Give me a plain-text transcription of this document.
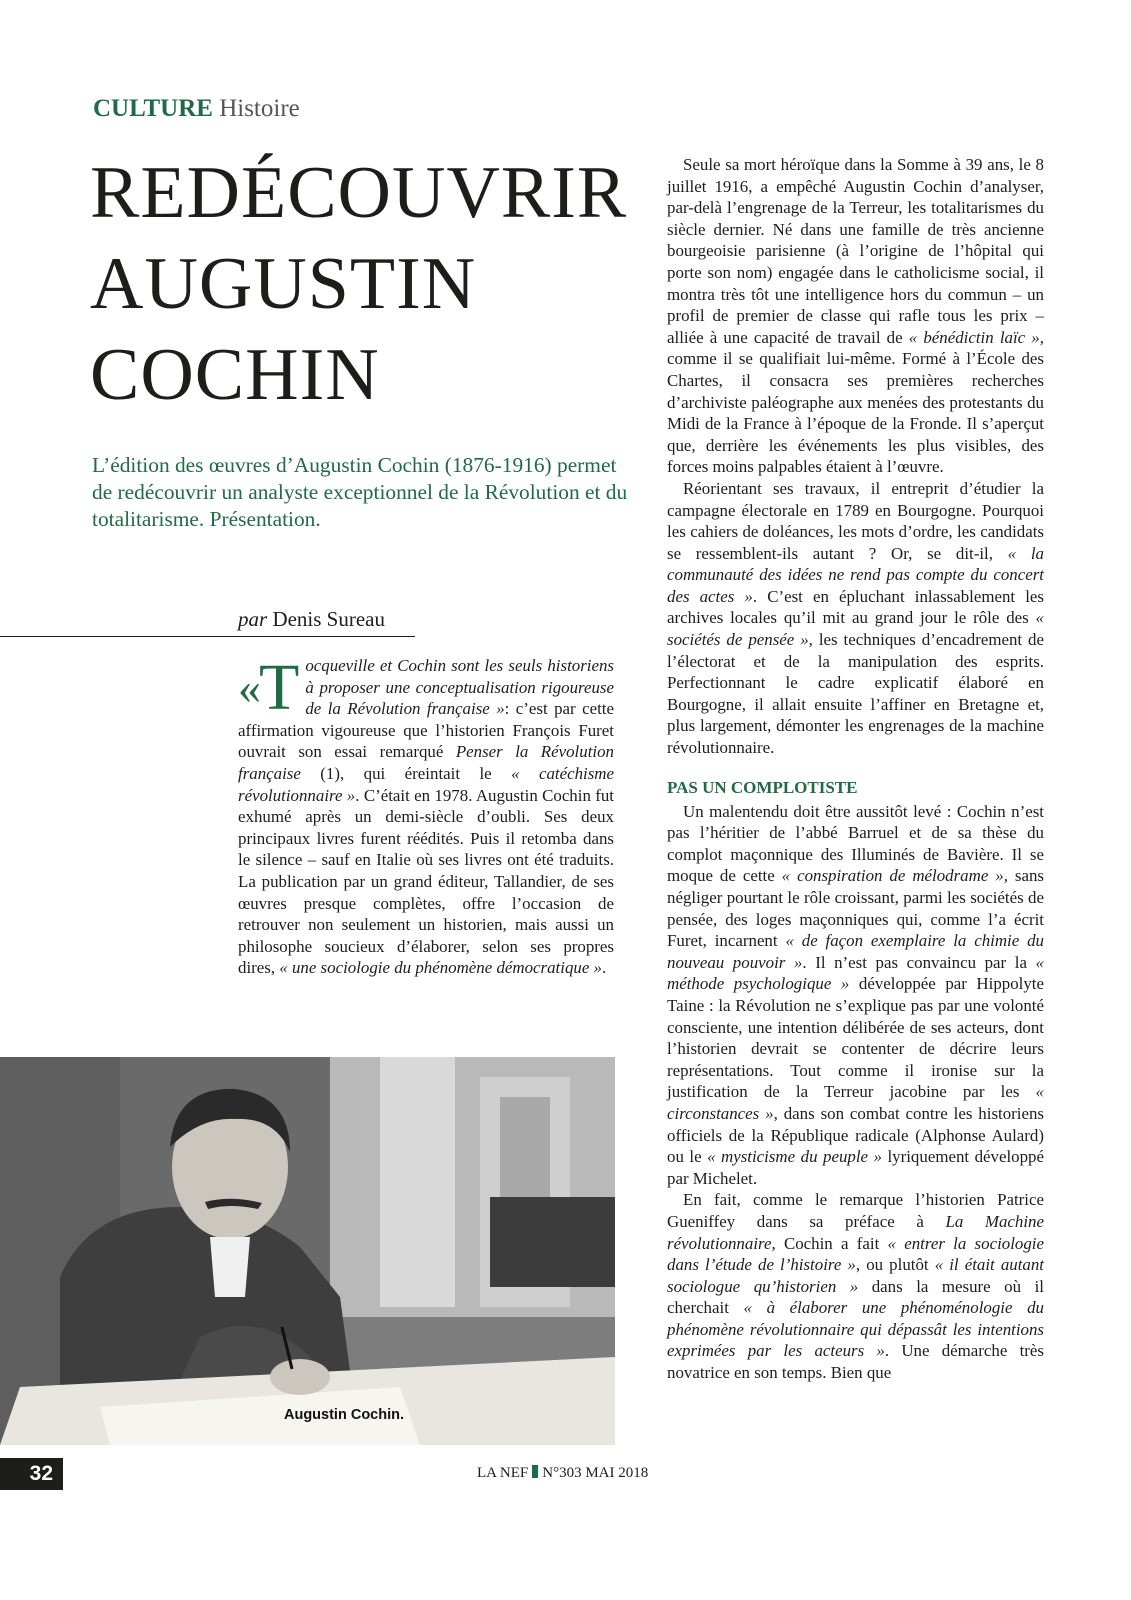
CULTURE Histoire
REDÉCOUVRIR
AUGUSTIN
COCHIN

L’édition des œuvres d’Augustin Cochin (1876-1916) permet de redécouvrir un analyste exceptionnel de la Révolution et du totalitarisme. Présentation.

par Denis Sureau

«T ocqueville et Cochin sont les seuls historiens à proposer une conceptualisation rigoureuse de la Révolution française »: c’est par cette affirmation vigoureuse que l’historien François Furet ouvrait son essai remarqué Penser la Révolution française (1), qui éreintait le « catéchisme révolutionnaire ». C’était en 1978. Augustin Cochin fut exhumé après un demi-siècle d’oubli. Ses deux principaux livres furent réédités. Puis il retomba dans le silence – sauf en Italie où ses livres ont été traduits. La publication par un grand éditeur, Tallandier, de ses œuvres presque complètes, offre l’occasion de retrouver non seulement un historien, mais aussi un philosophe soucieux d’élaborer, selon ses propres dires, « une sociologie du phénomène démocratique ».

Augustin Cochin.

Seule sa mort héroïque dans la Somme à 39 ans, le 8 juillet 1916, a empêché Augustin Cochin d’analyser, par-delà l’engrenage de la Terreur, les totalitarismes du siècle dernier. Né dans une famille de très ancienne bourgeoisie parisienne (à l’origine de l’hôpital qui porte son nom) engagée dans le catholicisme social, il montra très tôt une intelligence hors du commun – un profil de premier de classe qui rafle tous les prix – alliée à une capacité de travail de « bénédictin laïc », comme il se qualifiait lui-même. Formé à l’École des Chartes, il consacra ses premières recherches d’archiviste paléographe aux menées des protestants du Midi de la France à l’époque de la Fronde. Il s’aperçut que, derrière les événements les plus visibles, des forces moins palpables étaient à l’œuvre.

Réorientant ses travaux, il entreprit d’étudier la campagne électorale en 1789 en Bourgogne. Pourquoi les cahiers de doléances, les mots d’ordre, les candidats se ressemblent-ils autant ? Or, se dit-il, « la communauté des idées ne rend pas compte du concert des actes ». C’est en épluchant inlassablement les archives locales qu’il mit au grand jour le rôle des « sociétés de pensée », les techniques d’encadrement de l’électorat et de la manipulation des esprits. Perfectionnant le cadre explicatif élaboré en Bourgogne, il allait ensuite l’affiner en Bretagne et, plus largement, démonter les engrenages de la machine révolutionnaire.

PAS UN COMPLOTISTE

Un malentendu doit être aussitôt levé : Cochin n’est pas l’héritier de l’abbé Barruel et de sa thèse du complot maçonnique des Illuminés de Bavière. Il se moque de cette « conspiration de mélodrame », sans négliger pourtant le rôle croissant, parmi les sociétés de pensée, des loges maçonniques qui, comme l’a écrit Furet, incarnent « de façon exemplaire la chimie du nouveau pouvoir ». Il n’est pas convaincu par la « méthode psychologique » développée par Hippolyte Taine : la Révolution ne s’explique pas par une volonté consciente, une intention délibérée de ses acteurs, dont l’historien devrait se contenter de décrire leurs représentations. Tout comme il ironise sur la justification de la Terreur jacobine par les « circonstances », dans son combat contre les historiens officiels de la République radicale (Alphonse Aulard) ou le « mysticisme du peuple » lyriquement développé par Michelet.

En fait, comme le remarque l’historien Patrice Gueniffey dans sa préface à La Machine révolutionnaire, Cochin a fait « entrer la sociologie dans l’étude de l’histoire », ou plutôt « il était autant sociologue qu’historien » dans la mesure où il cherchait « à élaborer une phénoménologie du phénomène révolutionnaire qui dépassât les intentions exprimées par les acteurs ». Une démarche très novatrice en son temps. Bien que

32	LA NEF N°303 MAI 2018
